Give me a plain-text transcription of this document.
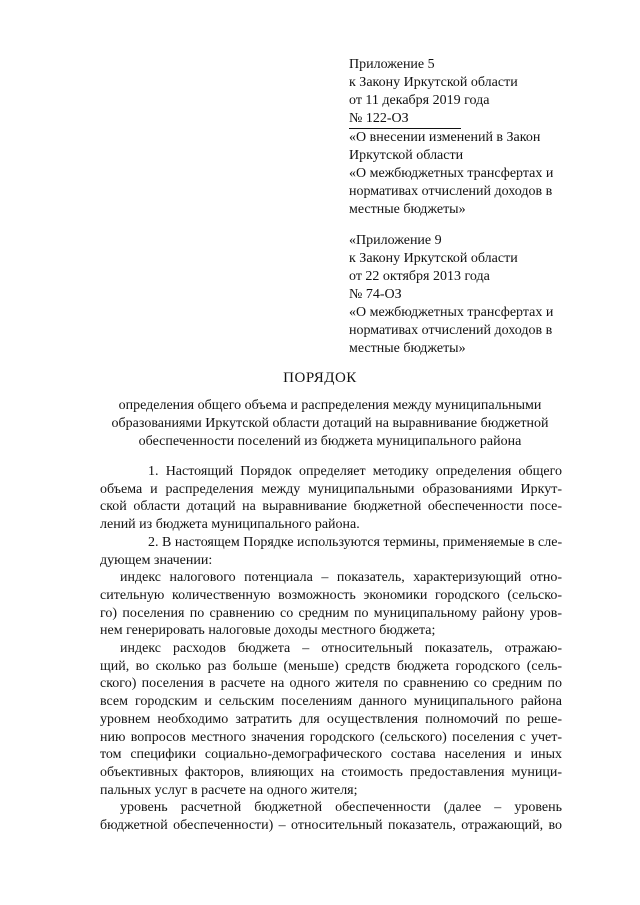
Приложение 5
к Закону Иркутской области
от 11 декабря 2019 года
№ 122-ОЗ
«О внесении изменений в Закон
Иркутской области
«О межбюджетных трансфертах и
нормативах отчислений доходов в
местные бюджеты»
«Приложение 9
к Закону Иркутской области
от 22 октября 2013 года
№ 74-ОЗ
«О межбюджетных трансфертах и
нормативах отчислений доходов в
местные бюджеты»
ПОРЯДОК
определения общего объема и распределения между муниципальными
образованиями Иркутской области дотаций на выравнивание бюджетной
обеспеченности поселений из бюджета муниципального района
1. Настоящий Порядок определяет методику определения общего
объема и распределения между муниципальными образованиями Иркут-
ской области дотаций на выравнивание бюджетной обеспеченности посе-
лений из бюджета муниципального района.
2. В настоящем Порядке используются термины, применяемые в сле-
дующем значении:
индекс налогового потенциала – показатель, характеризующий отно-
сительную количественную возможность экономики городского (сельско-
го) поселения по сравнению со средним по муниципальному району уров-
нем генерировать налоговые доходы местного бюджета;
индекс расходов бюджета – относительный показатель, отражаю-
щий, во сколько раз больше (меньше) средств бюджета городского (сель-
ского) поселения в расчете на одного жителя по сравнению со средним по
всем городским и сельским поселениям данного муниципального района
уровнем необходимо затратить для осуществления полномочий по реше-
нию вопросов местного значения городского (сельского) поселения с учет-
том специфики социально-демографического состава населения и иных
объективных факторов, влияющих на стоимость предоставления муници-
пальных услуг в расчете на одного жителя;
уровень расчетной бюджетной обеспеченности (далее – уровень
бюджетной обеспеченности) – относительный показатель, отражающий, во
